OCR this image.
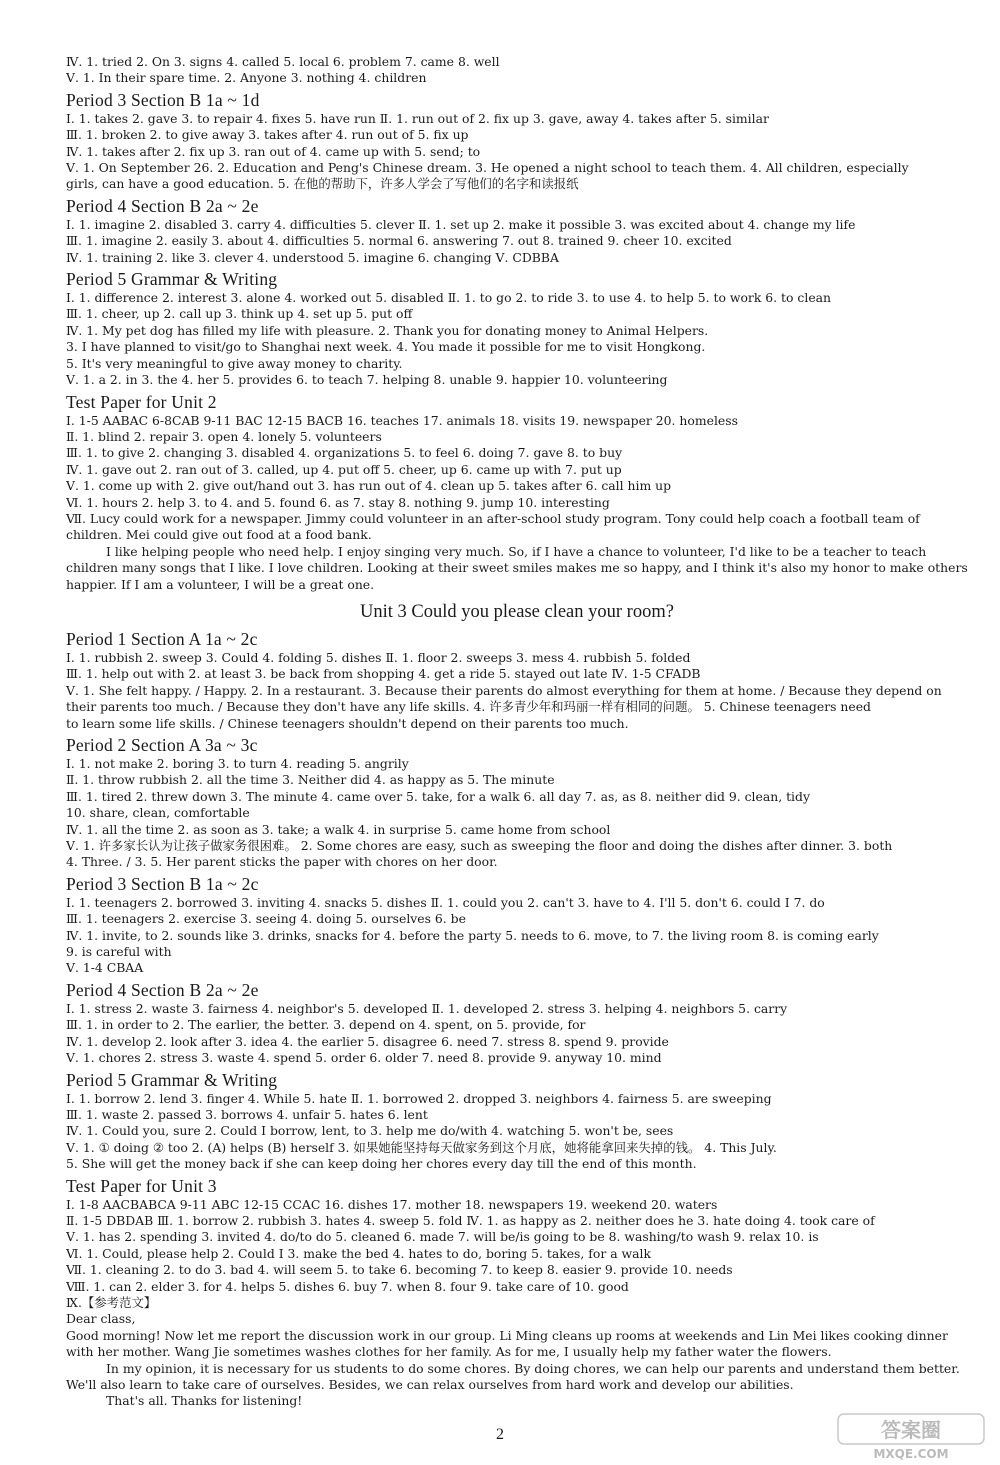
Ⅳ. 1. tried 2. On 3. signs 4. called 5. local 6. problem 7. came 8. well
Ⅴ. 1. In their spare time. 2. Anyone 3. nothing 4. children
Period 3 Section B 1a ~ 1d
Ⅰ. 1. takes 2. gave 3. to repair 4. fixes 5. have run Ⅱ. 1. run out of 2. fix up 3. gave, away 4. takes after 5. similar
Ⅲ. 1. broken 2. to give away 3. takes after 4. run out of 5. fix up
Ⅳ. 1. takes after 2. fix up 3. ran out of 4. came up with 5. send; to
Ⅴ. 1. On September 26. 2. Education and Peng's Chinese dream. 3. He opened a night school to teach them. 4. All children, especially
girls, can have a good education. 5. 在他的帮助下，许多人学会了写他们的名字和读报纸
Period 4 Section B 2a ~ 2e
Ⅰ. 1. imagine 2. disabled 3. carry 4. difficulties 5. clever Ⅱ. 1. set up 2. make it possible 3. was excited about 4. change my life
Ⅲ. 1. imagine 2. easily 3. about 4. difficulties 5. normal 6. answering 7. out 8. trained 9. cheer 10. excited
Ⅳ. 1. training 2. like 3. clever 4. understood 5. imagine 6. changing Ⅴ. CDBBA
Period 5 Grammar & Writing
Ⅰ. 1. difference 2. interest 3. alone 4. worked out 5. disabled Ⅱ. 1. to go 2. to ride 3. to use 4. to help 5. to work 6. to clean
Ⅲ. 1. cheer, up 2. call up 3. think up 4. set up 5. put off
Ⅳ. 1. My pet dog has filled my life with pleasure. 2. Thank you for donating money to Animal Helpers.
3. I have planned to visit/go to Shanghai next week. 4. You made it possible for me to visit Hongkong.
5. It's very meaningful to give away money to charity.
Ⅴ. 1. a 2. in 3. the 4. her 5. provides 6. to teach 7. helping 8. unable 9. happier 10. volunteering
Test Paper for Unit 2
Ⅰ. 1-5 AABAC 6-8CAB 9-11 BAC 12-15 BACB 16. teaches 17. animals 18. visits 19. newspaper 20. homeless
Ⅱ. 1. blind 2. repair 3. open 4. lonely 5. volunteers
Ⅲ. 1. to give 2. changing 3. disabled 4. organizations 5. to feel 6. doing 7. gave 8. to buy
Ⅳ. 1. gave out 2. ran out of 3. called, up 4. put off 5. cheer, up 6. came up with 7. put up
Ⅴ. 1. come up with 2. give out/hand out 3. has run out of 4. clean up 5. takes after 6. call him up
Ⅵ. 1. hours 2. help 3. to 4. and 5. found 6. as 7. stay 8. nothing 9. jump 10. interesting
Ⅶ. Lucy could work for a newspaper. Jimmy could volunteer in an after-school study program. Tony could help coach a football team of children. Mei could give out food at a food bank.
I like helping people who need help. I enjoy singing very much. So, if I have a chance to volunteer, I'd like to be a teacher to teach children many songs that I like. I love children. Looking at their sweet smiles makes me so happy, and I think it's also my honor to make others happier. If I am a volunteer, I will be a great one.
Unit 3 Could you please clean your room?
Period 1 Section A 1a ~ 2c
Ⅰ. 1. rubbish 2. sweep 3. Could 4. folding 5. dishes Ⅱ. 1. floor 2. sweeps 3. mess 4. rubbish 5. folded
Ⅲ. 1. help out with 2. at least 3. be back from shopping 4. get a ride 5. stayed out late Ⅳ. 1-5 CFADB
Ⅴ. 1. She felt happy. / Happy. 2. In a restaurant. 3. Because their parents do almost everything for them at home. / Because they depend on
their parents too much. / Because they don't have any life skills. 4. 许多青少年和玛丽一样有相同的问题。 5. Chinese teenagers need
to learn some life skills. / Chinese teenagers shouldn't depend on their parents too much.
Period 2 Section A 3a ~ 3c
Ⅰ. 1. not make 2. boring 3. to turn 4. reading 5. angrily
Ⅱ. 1. throw rubbish 2. all the time 3. Neither did 4. as happy as 5. The minute
Ⅲ. 1. tired 2. threw down 3. The minute 4. came over 5. take, for a walk 6. all day 7. as, as 8. neither did 9. clean, tidy
10. share, clean, comfortable
Ⅳ. 1. all the time 2. as soon as 3. take; a walk 4. in surprise 5. came home from school
Ⅴ. 1. 许多家长认为让孩子做家务很困难。 2. Some chores are easy, such as sweeping the floor and doing the dishes after dinner. 3. both
4. Three. / 3. 5. Her parent sticks the paper with chores on her door.
Period 3 Section B 1a ~ 2c
Ⅰ. 1. teenagers 2. borrowed 3. inviting 4. snacks 5. dishes Ⅱ. 1. could you 2. can't 3. have to 4. I'll 5. don't 6. could I 7. do
Ⅲ. 1. teenagers 2. exercise 3. seeing 4. doing 5. ourselves 6. be
Ⅳ. 1. invite, to 2. sounds like 3. drinks, snacks for 4. before the party 5. needs to 6. move, to 7. the living room 8. is coming early
9. is careful with
Ⅴ. 1-4 CBAA
Period 4 Section B 2a ~ 2e
Ⅰ. 1. stress 2. waste 3. fairness 4. neighbor's 5. developed Ⅱ. 1. developed 2. stress 3. helping 4. neighbors 5. carry
Ⅲ. 1. in order to 2. The earlier, the better. 3. depend on 4. spent, on 5. provide, for
Ⅳ. 1. develop 2. look after 3. idea 4. the earlier 5. disagree 6. need 7. stress 8. spend 9. provide
Ⅴ. 1. chores 2. stress 3. waste 4. spend 5. order 6. older 7. need 8. provide 9. anyway 10. mind
Period 5 Grammar & Writing
Ⅰ. 1. borrow 2. lend 3. finger 4. While 5. hate Ⅱ. 1. borrowed 2. dropped 3. neighbors 4. fairness 5. are sweeping
Ⅲ. 1. waste 2. passed 3. borrows 4. unfair 5. hates 6. lent
Ⅳ. 1. Could you, sure 2. Could I borrow, lent, to 3. help me do/with 4. watching 5. won't be, sees
Ⅴ. 1. ① doing ② too 2. (A) helps (B) herself 3. 如果她能坚持每天做家务到这个月底，她将能拿回来失掉的钱。 4. This July.
5. She will get the money back if she can keep doing her chores every day till the end of this month.
Test Paper for Unit 3
Ⅰ. 1-8 AACBABCA 9-11 ABC 12-15 CCAC 16. dishes 17. mother 18. newspapers 19. weekend 20. waters
Ⅱ. 1-5 DBDAB Ⅲ. 1. borrow 2. rubbish 3. hates 4. sweep 5. fold Ⅳ. 1. as happy as 2. neither does he 3. hate doing 4. took care of
Ⅴ. 1. has 2. spending 3. invited 4. do/to do 5. cleaned 6. made 7. will be/is going to be 8. washing/to wash 9. relax 10. is
Ⅵ. 1. Could, please help 2. Could I 3. make the bed 4. hates to do, boring 5. takes, for a walk
Ⅶ. 1. cleaning 2. to do 3. bad 4. will seem 5. to take 6. becoming 7. to keep 8. easier 9. provide 10. needs
Ⅷ. 1. can 2. elder 3. for 4. helps 5. dishes 6. buy 7. when 8. four 9. take care of 10. good
Ⅸ.【参考范文】
Dear class,
Good morning! Now let me report the discussion work in our group. Li Ming cleans up rooms at weekends and Lin Mei likes cooking dinner with her mother. Wang Jie sometimes washes clothes for her family. As for me, I usually help my father water the flowers.
In my opinion, it is necessary for us students to do some chores. By doing chores, we can help our parents and understand them better. We'll also learn to take care of ourselves. Besides, we can relax ourselves from hard work and develop our abilities.
That's all. Thanks for listening!
2	答案圈
MXQE.COM
